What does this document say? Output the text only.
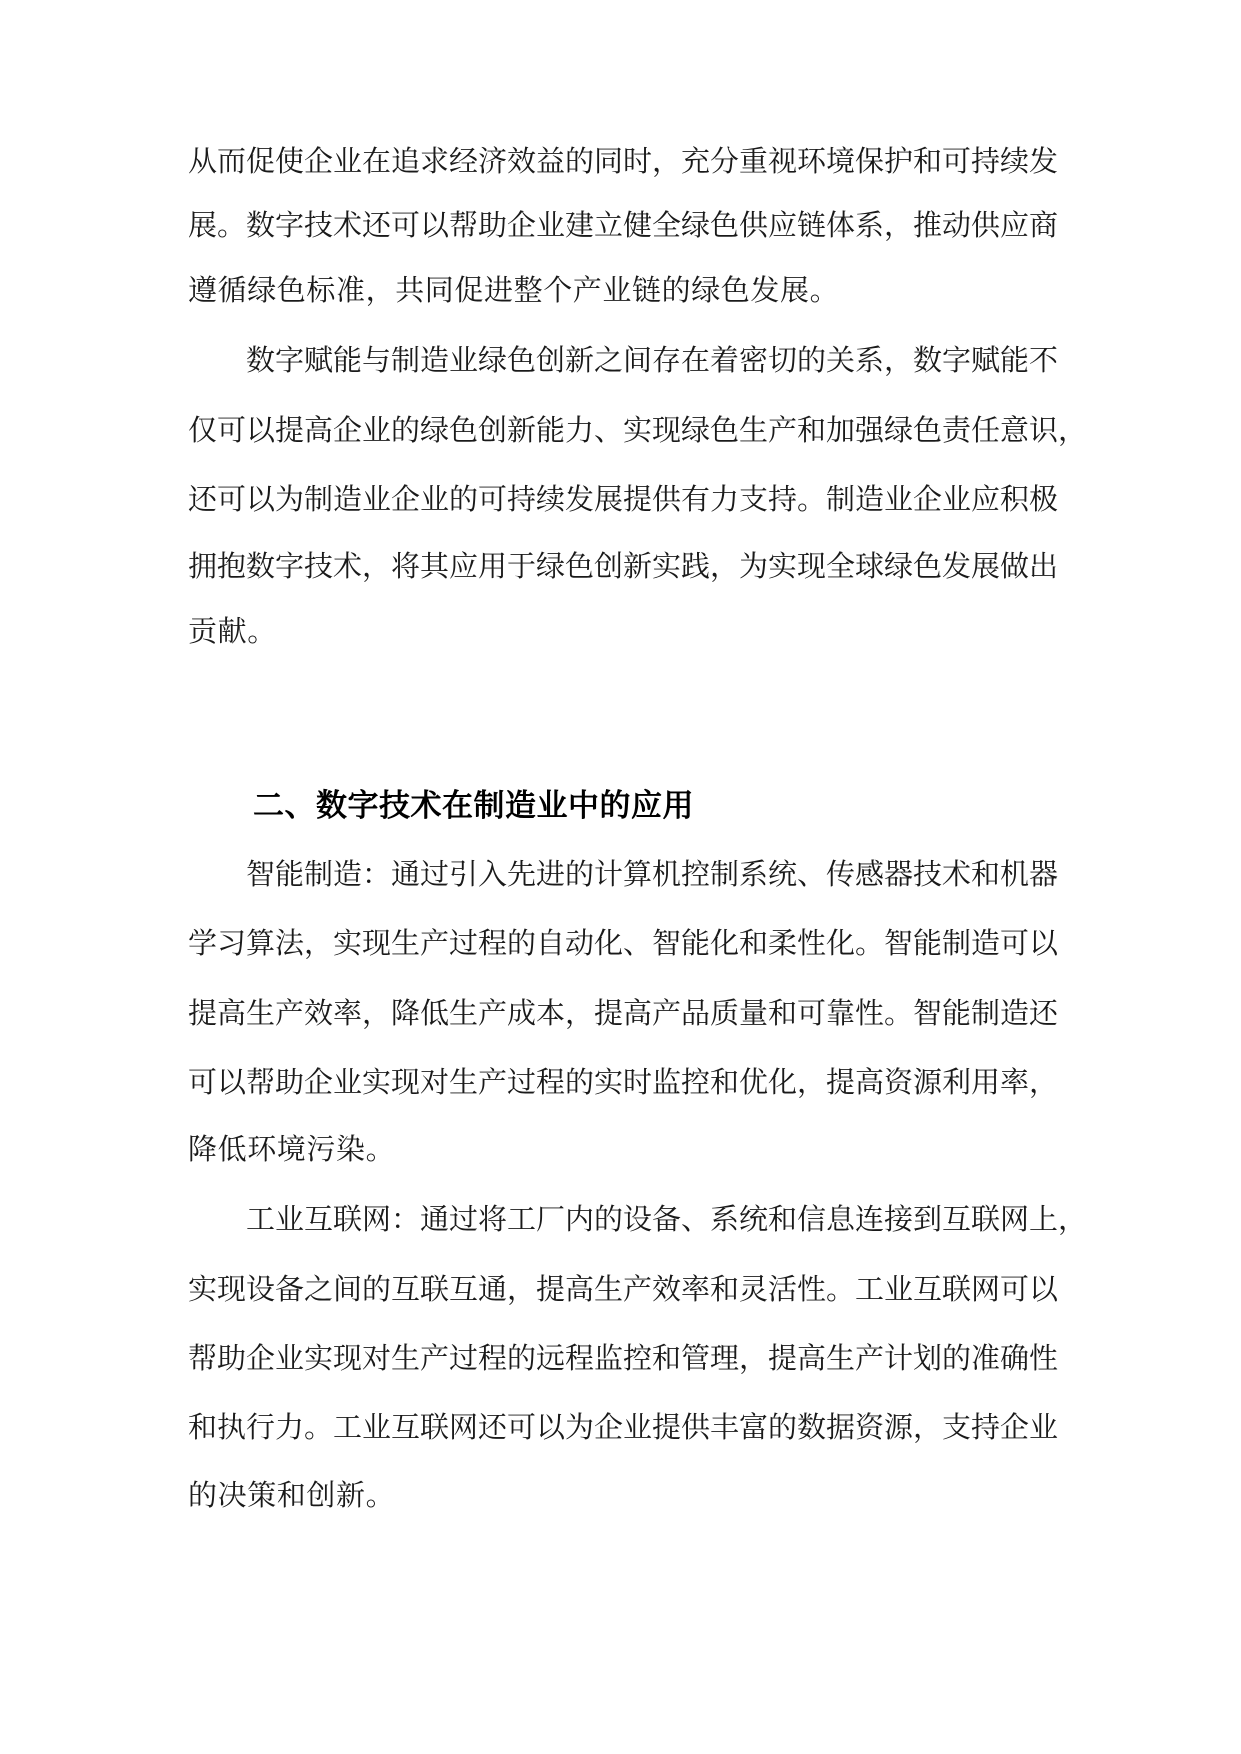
从而促使企业在追求经济效益的同时，充分重视环境保护和可持续发
展。数字技术还可以帮助企业建立健全绿色供应链体系，推动供应商
遵循绿色标准，共同促进整个产业链的绿色发展。
数字赋能与制造业绿色创新之间存在着密切的关系，数字赋能不
仅可以提高企业的绿色创新能力、实现绿色生产和加强绿色责任意识，
还可以为制造业企业的可持续发展提供有力支持。制造业企业应积极
拥抱数字技术，将其应用于绿色创新实践，为实现全球绿色发展做出
贡献。
二、数字技术在制造业中的应用
智能制造：通过引入先进的计算机控制系统、传感器技术和机器
学习算法，实现生产过程的自动化、智能化和柔性化。智能制造可以
提高生产效率，降低生产成本，提高产品质量和可靠性。智能制造还
可以帮助企业实现对生产过程的实时监控和优化，提高资源利用率，
降低环境污染。
工业互联网：通过将工厂内的设备、系统和信息连接到互联网上，
实现设备之间的互联互通，提高生产效率和灵活性。工业互联网可以
帮助企业实现对生产过程的远程监控和管理，提高生产计划的准确性
和执行力。工业互联网还可以为企业提供丰富的数据资源，支持企业
的决策和创新。
